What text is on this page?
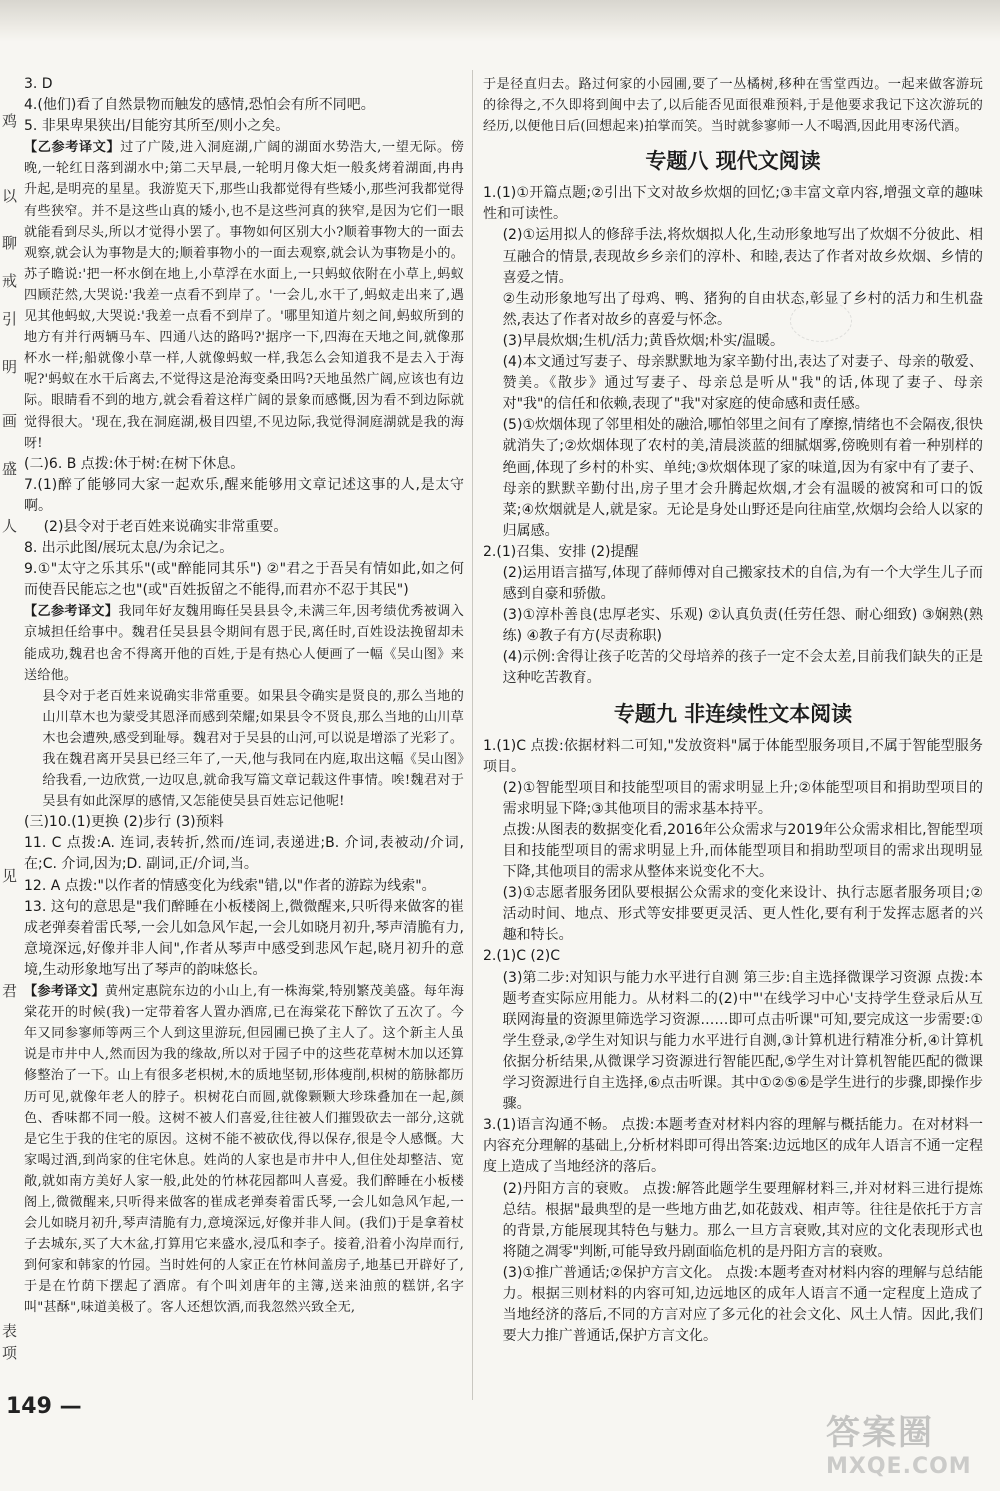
鸡
以
聊
戒
引
明
画
盛
人
见
君
表
项

3. D

4.(他们)看了自然景物而触发的感情,恐怕会有所不同吧。

5. 非果卑果狭出/目能穷其所至/则小之矣。

【乙参考译文】过了广陵,进入洞庭湖,广阔的湖面水势浩大,一望无际。傍晚,一轮红日落到湖水中;第二天早晨,一轮明月像大炬一般炙烤着湖面,冉冉升起,是明亮的星星。我游览天下,那些山我都觉得有些矮小,那些河我都觉得有些狭窄。并不是这些山真的矮小,也不是这些河真的狭窄,是因为它们一眼就能看到尽头,所以才觉得小罢了。事物如何区别大小?顺着事物大的一面去观察,就会认为事物是大的;顺着事物小的一面去观察,就会认为事物是小的。苏子瞻说:'把一杯水倒在地上,小草浮在水面上,一只蚂蚁依附在小草上,蚂蚁四顾茫然,大哭说:'我差一点看不到岸了。'一会儿,水干了,蚂蚁走出来了,遇见其他蚂蚁,大哭说:'我差一点看不到岸了。'哪里知道片刻之间,蚂蚁所到的地方有并行两辆马车、四通八达的路吗?'据序一下,四海在天地之间,就像那杯水一样;船就像小草一样,人就像蚂蚁一样,我怎么会知道我不是去入于海呢?'蚂蚁在水干后离去,不觉得这是沧海变桑田吗?天地虽然广阔,应该也有边际。眼睛看不到的地方,就会看着这样广阔的景象而感慨,因为看不到边际就觉得很大。'现在,我在洞庭湖,极目四望,不见边际,我觉得洞庭湖就是我的海呀!

(二)6. B 点拨:休于树:在树下休息。

7.(1)醉了能够同大家一起欢乐,醒来能够用文章记述这事的人,是太守啊。

(2)县令对于老百姓来说确实非常重要。

8. 出示此图/展玩太息/为余记之。

9.①"太守之乐其乐"(或"醉能同其乐") ②"君之于吾吴有情如此,如之何而使吾民能忘之也"(或"百姓扳留之不能得,而君亦不忍于其民")

【乙参考译文】我同年好友魏用晦任吴县县令,未满三年,因考绩优秀被调入京城担任给事中。魏君任吴县县令期间有恩于民,离任时,百姓设法挽留却未能成功,魏君也舍不得离开他的百姓,于是有热心人便画了一幅《吴山图》来送给他。

县令对于老百姓来说确实非常重要。如果县令确实是贤良的,那么当地的山川草木也为蒙受其恩泽而感到荣耀;如果县令不贤良,那么当地的山川草木也会遭殃,感受到耻辱。魏君对于吴县的山河,可以说是增添了光彩了。

我在魏君离开吴县已经三年了,一天,他与我同在内庭,取出这幅《吴山图》给我看,一边欣赏,一边叹息,就命我写篇文章记载这件事情。唉!魏君对于吴县有如此深厚的感情,又怎能使吴县百姓忘记他呢!

(三)10.(1)更换 (2)步行 (3)预料

11. C 点拨:A. 连词,表转折,然而/连词,表递进;B. 介词,表被动/介词,在;C. 介词,因为;D. 副词,正/介词,当。

12. A 点拨:"以作者的情感变化为线索"错,以"作者的游踪为线索"。

13. 这句的意思是"我们醉睡在小板楼阁上,微微醒来,只听得来做客的崔成老弹奏着雷氏琴,一会儿如急风乍起,一会儿如晓月初升,琴声清脆有力,意境深远,好像并非人间",作者从琴声中感受到悲风乍起,晓月初升的意境,生动形象地写出了琴声的韵味悠长。

【参考译文】黄州定惠院东边的小山上,有一株海棠,特别繁茂美盛。每年海棠花开的时候(我)一定带着客人置办酒席,已在海棠花下醉饮了五次了。今年又同参寥师等两三个人到这里游玩,但园圃已换了主人了。这个新主人虽说是市井中人,然而因为我的缘故,所以对于园子中的这些花草树木加以还算修整治了一下。山上有很多老枳树,木的质地坚韧,形体瘦削,枳树的筋脉都历历可见,就像年老人的脖子。枳树花白而圆,就像颗颗大珍珠叠加在一起,颜色、香味都不同一般。这树不被人们喜爱,往往被人们摧毁砍去一部分,这就是它生于我的住宅的原因。这树不能不被砍伐,得以保存,很是令人感慨。大家喝过酒,到尚家的住宅休息。姓尚的人家也是市井中人,但住处却整洁、宽敞,就如南方美好人家一般,此处的竹林花园都叫人喜爱。我们醉睡在小板楼阁上,微微醒来,只听得来做客的崔成老弹奏着雷氏琴,一会儿如急风乍起,一会儿如晓月初升,琴声清脆有力,意境深远,好像并非人间。(我们)于是拿着杖子去城东,买了大木盆,打算用它来盛水,浸瓜和李子。接着,沿着小沟岸而行,到何家和韩家的竹园。当时姓何的人家正在竹林间盖房子,地基已开辟好了,于是在竹荫下摆起了酒席。有个叫刘唐年的主簿,送来油煎的糕饼,名字叫"甚酥",味道美极了。客人还想饮酒,而我忽然兴致全无,

于是径直归去。路过何家的小园圃,要了一丛橘树,移种在雪堂西边。一起来做客游玩的徐得之,不久即将到闽中去了,以后能否见面很难预料,于是他要求我记下这次游玩的经历,以便他日后(回想起来)拍掌而笑。当时就参寥师一人不喝酒,因此用枣汤代酒。

专题八 现代文阅读

1.(1)①开篇点题;②引出下文对故乡炊烟的回忆;③丰富文章内容,增强文章的趣味性和可读性。

(2)①运用拟人的修辞手法,将炊烟拟人化,生动形象地写出了炊烟不分彼此、相互融合的情景,表现故乡乡亲们的淳朴、和睦,表达了作者对故乡炊烟、乡情的喜爱之情。

②生动形象地写出了母鸡、鸭、猪狗的自由状态,彰显了乡村的活力和生机盎然,表达了作者对故乡的喜爱与怀念。

(3)早晨炊烟;生机/活力;黄昏炊烟;朴实/温暖。

(4)本文通过写妻子、母亲默默地为家辛勤付出,表达了对妻子、母亲的敬爱、赞美。《散步》通过写妻子、母亲总是听从"我"的话,体现了妻子、母亲对"我"的信任和依赖,表现了"我"对家庭的使命感和责任感。

(5)①炊烟体现了邻里相处的融洽,哪怕邻里之间有了摩擦,情绪也不会隔夜,很快就消失了;②炊烟体现了农村的美,清晨淡蓝的细腻烟雾,傍晚则有着一种别样的绝画,体现了乡村的朴实、单纯;③炊烟体现了家的味道,因为有家中有了妻子、母亲的默默辛勤付出,房子里才会升腾起炊烟,才会有温暖的被窝和可口的饭菜;④炊烟就是人,就是家。无论是身处山野还是向往庙堂,炊烟均会给人以家的归属感。

2.(1)召集、安排 (2)提醒

(2)运用语言描写,体现了薛师傅对自己搬家技术的自信,为有一个大学生儿子而感到自豪和骄傲。

(3)①淳朴善良(忠厚老实、乐观) ②认真负责(任劳任怨、耐心细致) ③娴熟(熟练) ④教子有方(尽责称职)

(4)示例:舍得让孩子吃苦的父母培养的孩子一定不会太差,目前我们缺失的正是这种吃苦教育。

专题九 非连续性文本阅读

1.(1)C 点拨:依据材料二可知,"发放资料"属于体能型服务项目,不属于智能型服务项目。

(2)①智能型项目和技能型项目的需求明显上升;②体能型项目和捐助型项目的需求明显下降;③其他项目的需求基本持平。

点拨:从图表的数据变化看,2016年公众需求与2019年公众需求相比,智能型项目和技能型项目的需求明显上升,而体能型项目和捐助型项目的需求出现明显下降,其他项目的需求从整体来说变化不大。

(3)①志愿者服务团队要根据公众需求的变化来设计、执行志愿者服务项目;②活动时间、地点、形式等安排要更灵活、更人性化,要有利于发挥志愿者的兴趣和特长。

2.(1)C (2)C

(3)第二步:对知识与能力水平进行自测 第三步:自主选择微课学习资源 点拨:本题考查实际应用能力。从材料二的(2)中"'在线学习中心'支持学生登录后从互联网海量的资源里筛选学习资源……即可点击听课"可知,要完成这一步需要:①学生登录,②学生对知识与能力水平进行自测,③计算机进行精准分析,④计算机依据分析结果,从微课学习资源进行智能匹配,⑤学生对计算机智能匹配的微课学习资源进行自主选择,⑥点击听课。其中①②⑤⑥是学生进行的步骤,即操作步骤。

3.(1)语言沟通不畅。 点拨:本题考查对材料内容的理解与概括能力。在对材料一内容充分理解的基础上,分析材料即可得出答案:边远地区的成年人语言不通一定程度上造成了当地经济的落后。

(2)丹阳方言的衰败。 点拨:解答此题学生要理解材料三,并对材料三进行提炼总结。根据"最典型的是一些地方曲艺,如花鼓戏、相声等。往往是依托于方言的背景,方能展现其特色与魅力。那么一旦方言衰败,其对应的文化表现形式也将随之凋零"判断,可能导致丹剧面临危机的是丹阳方言的衰败。

(3)①推广普通话;②保护方言文化。 点拨:本题考查对材料内容的理解与总结能力。根据三则材料的内容可知,边远地区的成年人语言不通一定程度上造成了当地经济的落后,不同的方言对应了多元化的社会文化、风土人情。因此,我们要大力推广普通话,保护方言文化。

149 —
答案圈
MXQE.COM
